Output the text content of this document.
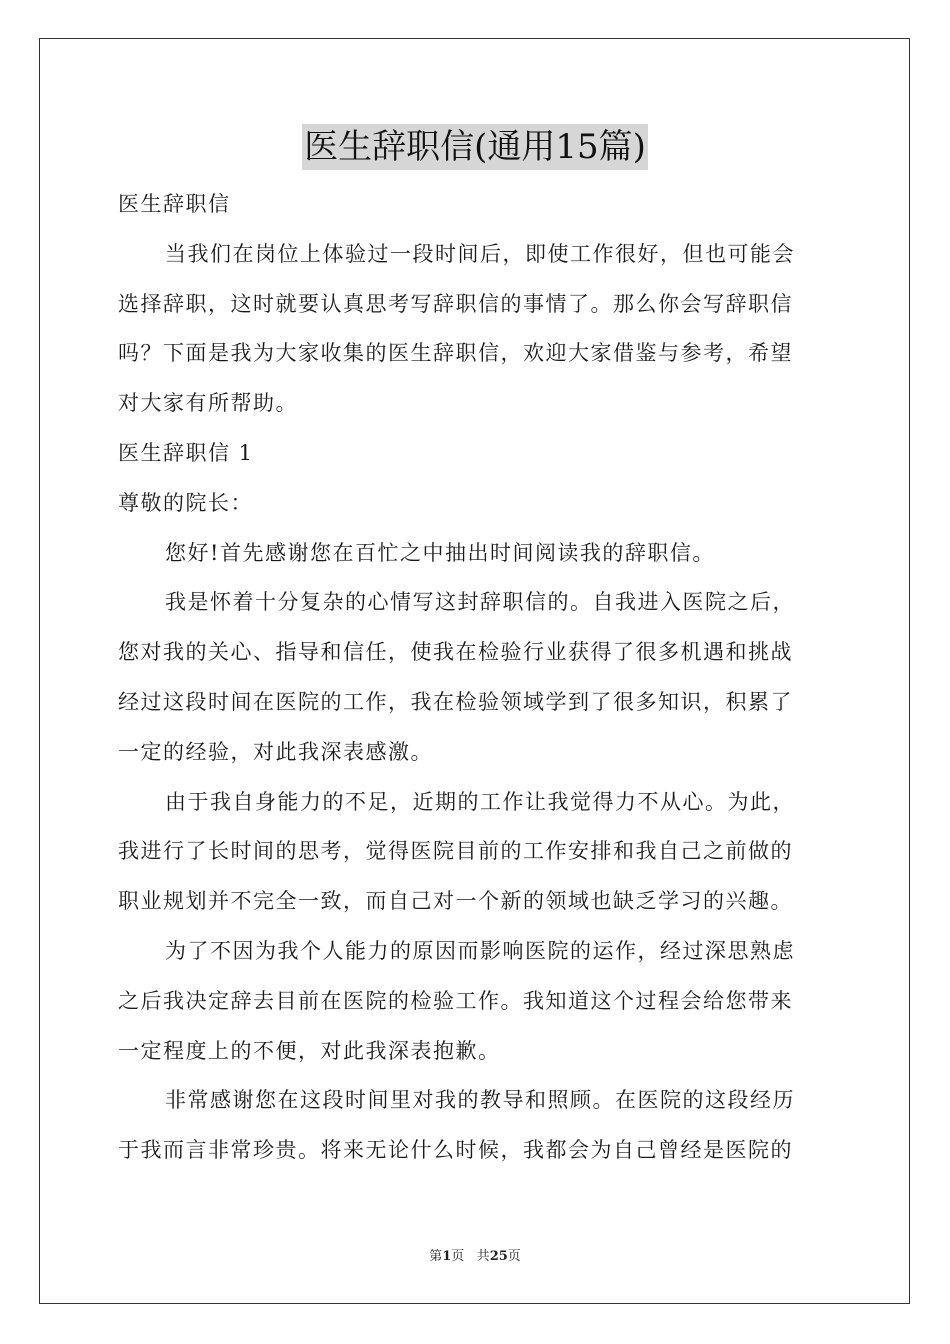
医生辞职信(通用15篇)
医生辞职信
当我们在岗位上体验过一段时间后，即使工作很好，但也可能会
选择辞职，这时就要认真思考写辞职信的事情了。那么你会写辞职信
吗？下面是我为大家收集的医生辞职信，欢迎大家借鉴与参考，希望
对大家有所帮助。
医生辞职信 1
尊敬的院长：
您好!首先感谢您在百忙之中抽出时间阅读我的辞职信。
我是怀着十分复杂的心情写这封辞职信的。自我进入医院之后，
您对我的关心、指导和信任，使我在检验行业获得了很多机遇和挑战
经过这段时间在医院的工作，我在检验领域学到了很多知识，积累了
一定的经验，对此我深表感激。
由于我自身能力的不足，近期的工作让我觉得力不从心。为此，
我进行了长时间的思考，觉得医院目前的工作安排和我自己之前做的
职业规划并不完全一致，而自己对一个新的领域也缺乏学习的兴趣。
为了不因为我个人能力的原因而影响医院的运作，经过深思熟虑
之后我决定辞去目前在医院的检验工作。我知道这个过程会给您带来
一定程度上的不便，对此我深表抱歉。
非常感谢您在这段时间里对我的教导和照顾。在医院的这段经历
于我而言非常珍贵。将来无论什么时候，我都会为自己曾经是医院的
第1页 共25页
